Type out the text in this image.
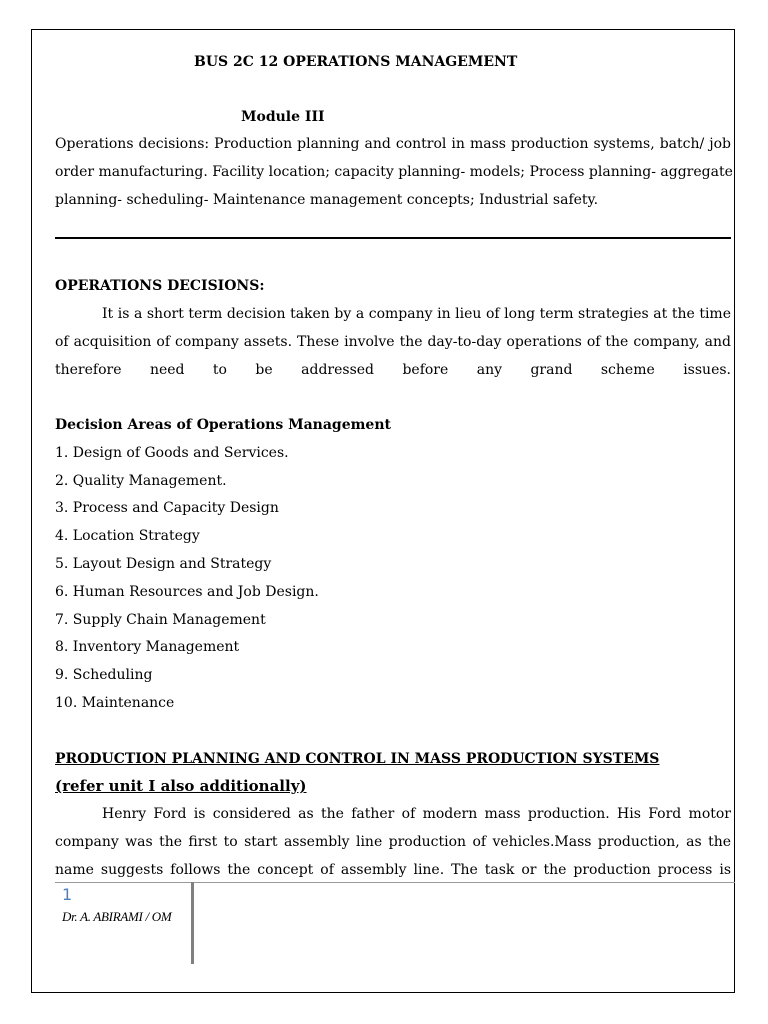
BUS 2C 12 OPERATIONS MANAGEMENT
Module III
Operations decisions: Production planning and control in mass production systems, batch/ job
order manufacturing. Facility location; capacity planning- models; Process planning- aggregate
planning- scheduling- Maintenance management concepts; Industrial safety.
OPERATIONS DECISIONS:
It is a short term decision taken by a company in lieu of long term strategies at the time
of acquisition of company assets. These involve the day-to-day operations of the company, and
therefore need to be addressed before any grand scheme issues.
Decision Areas of Operations Management
1. Design of Goods and Services.
2. Quality Management.
3. Process and Capacity Design
4. Location Strategy
5. Layout Design and Strategy
6. Human Resources and Job Design.
7. Supply Chain Management
8. Inventory Management
9. Scheduling
10. Maintenance
PRODUCTION PLANNING AND CONTROL IN MASS PRODUCTION SYSTEMS
(refer unit I also additionally)
Henry Ford is considered as the father of modern mass production. His Ford motor
company was the first to start assembly line production of vehicles.Mass production, as the
name suggests follows the concept of assembly line. The task or the production process is
1
Dr. A. ABIRAMI / OM
